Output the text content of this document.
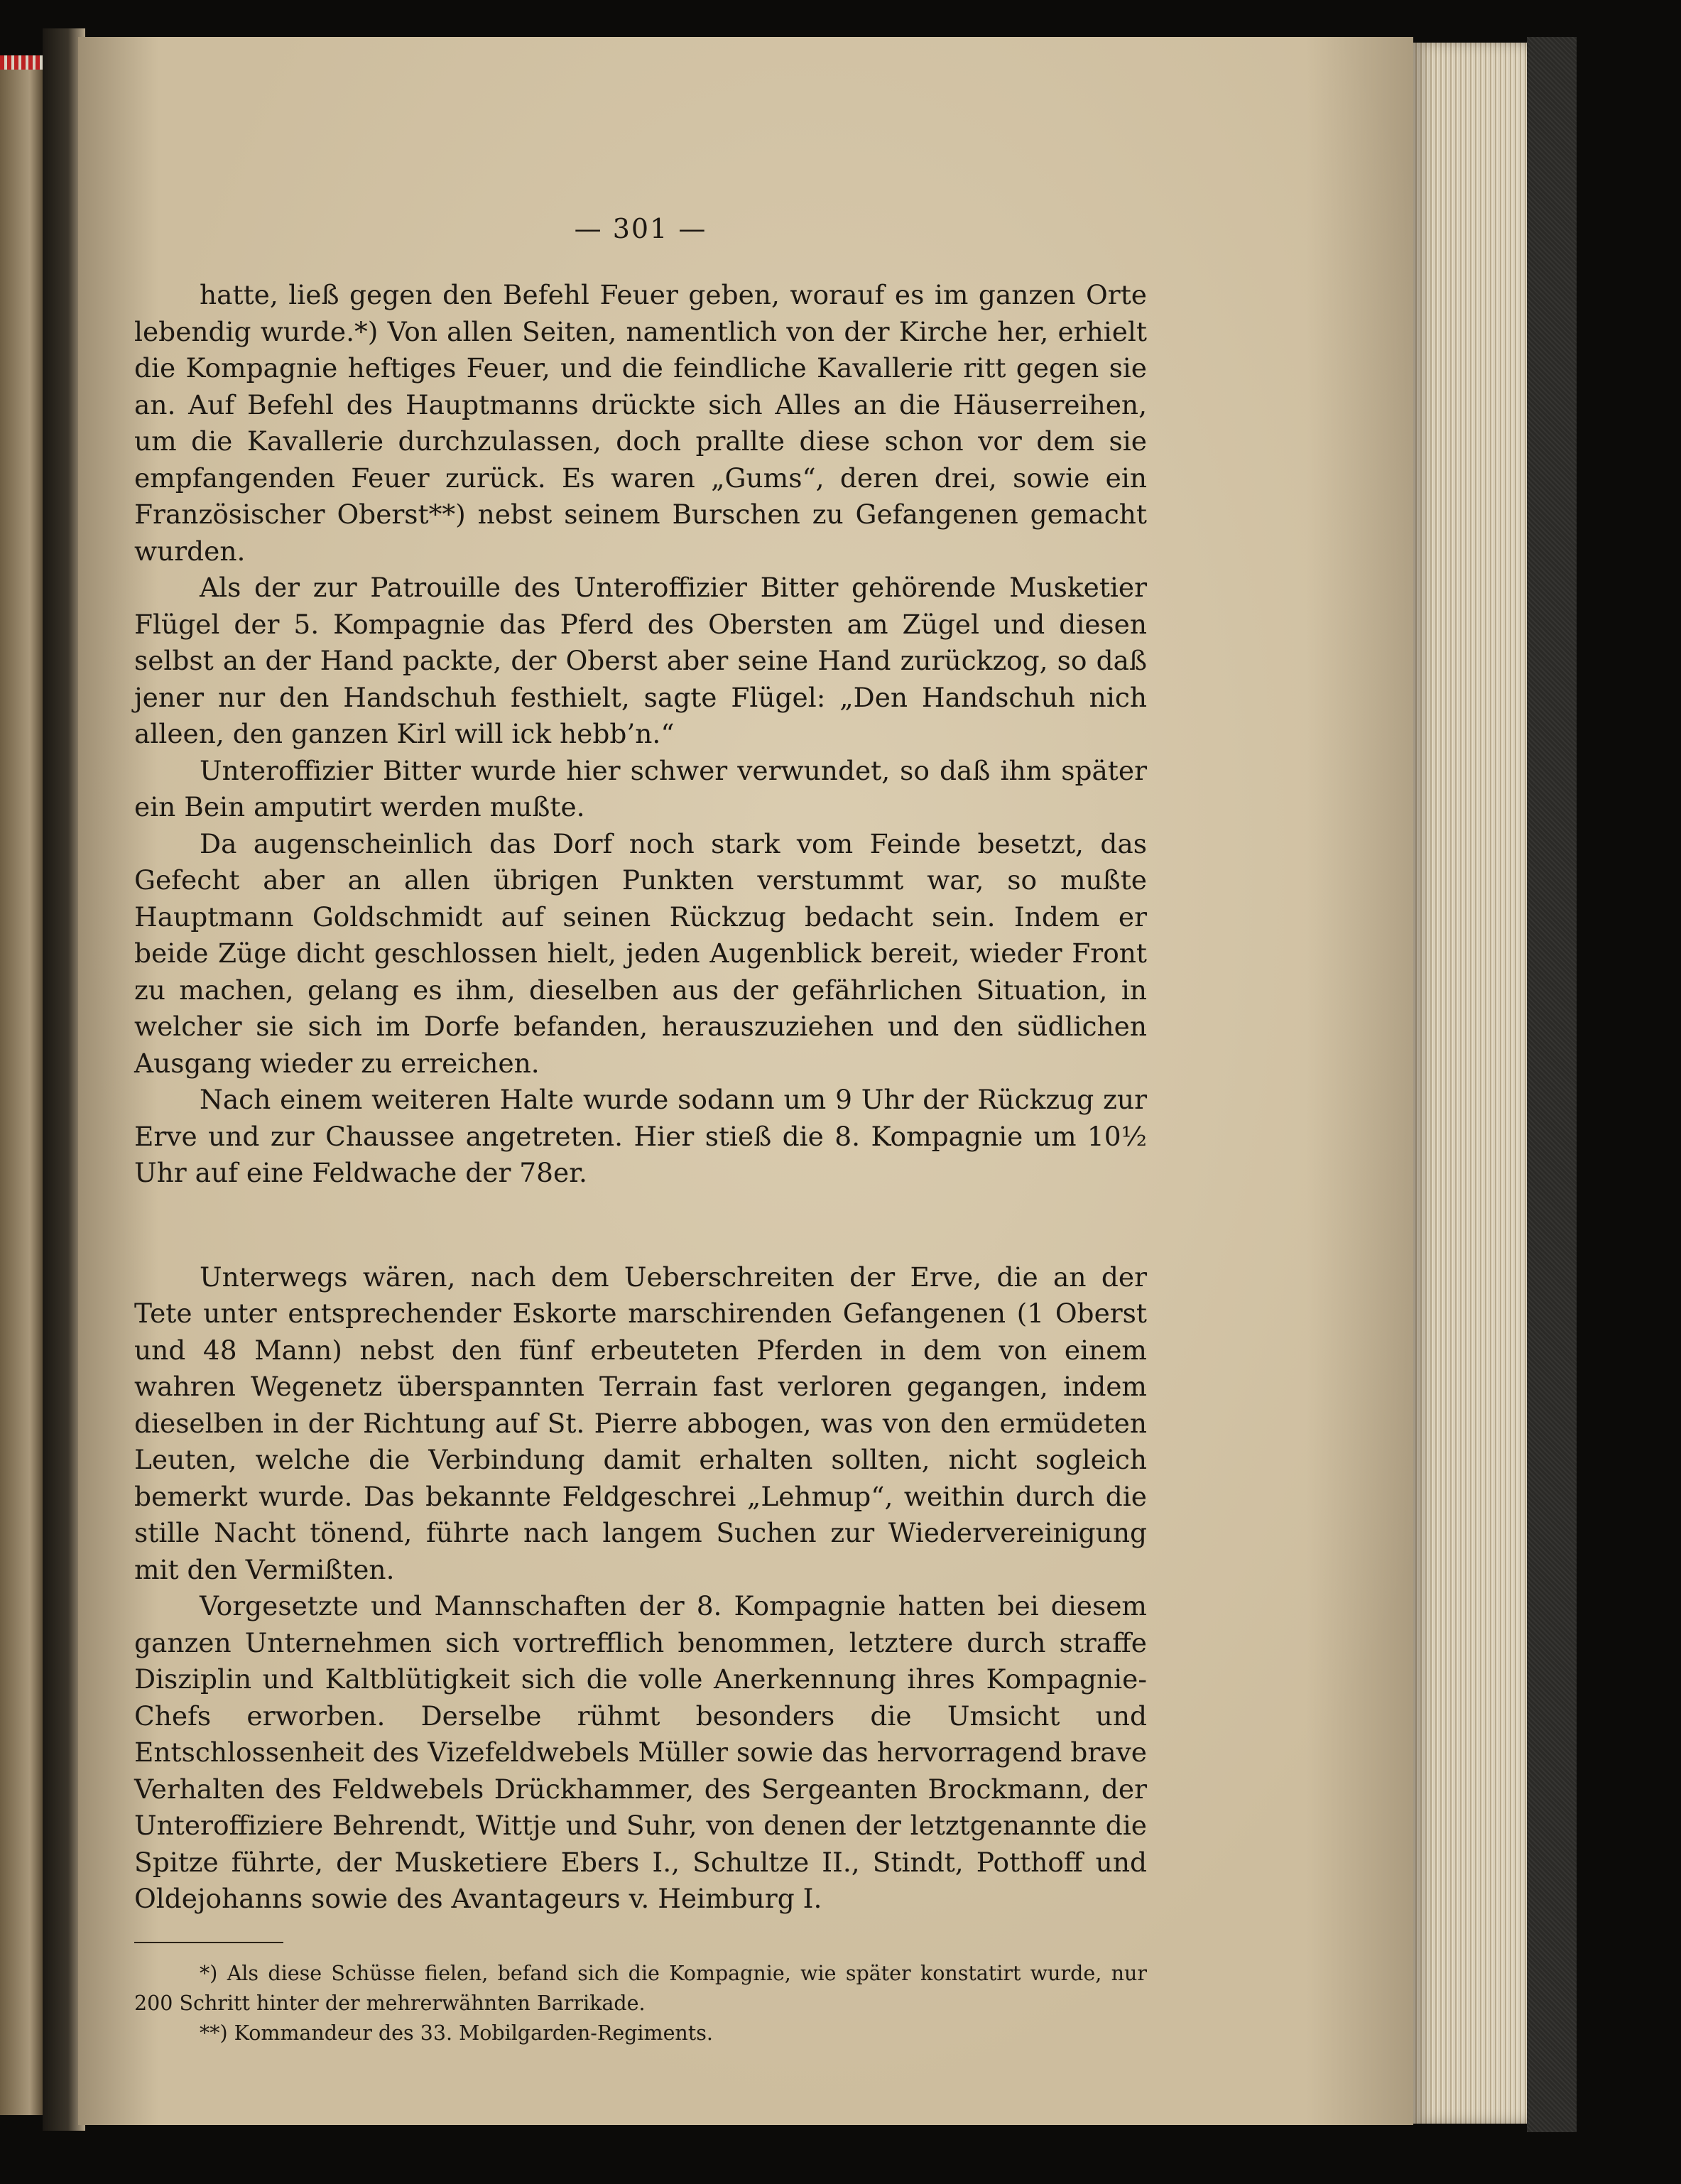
— 301 —

hatte, ließ gegen den Befehl Feuer geben, worauf es im ganzen Orte lebendig wurde.*) Von allen Seiten, namentlich von der Kirche her, erhielt die Kompagnie heftiges Feuer, und die feindliche Kavallerie ritt gegen sie an. Auf Befehl des Hauptmanns drückte sich Alles an die Häuserreihen, um die Kavallerie durchzulassen, doch prallte diese schon vor dem sie empfangenden Feuer zurück. Es waren „Gums“, deren drei, sowie ein Französischer Oberst**) nebst seinem Burschen zu Gefangenen gemacht wurden.

Als der zur Patrouille des Unteroffizier Bitter gehörende Musketier Flügel der 5. Kompagnie das Pferd des Obersten am Zügel und diesen selbst an der Hand packte, der Oberst aber seine Hand zurückzog, so daß jener nur den Handschuh festhielt, sagte Flügel: „Den Handschuh nich alleen, den ganzen Kirl will ick hebb’n.“

Unteroffizier Bitter wurde hier schwer verwundet, so daß ihm später ein Bein amputirt werden mußte.

Da augenscheinlich das Dorf noch stark vom Feinde besetzt, das Gefecht aber an allen übrigen Punkten verstummt war, so mußte Hauptmann Goldschmidt auf seinen Rückzug bedacht sein. Indem er beide Züge dicht geschlossen hielt, jeden Augenblick bereit, wieder Front zu machen, gelang es ihm, dieselben aus der gefährlichen Situation, in welcher sie sich im Dorfe befanden, herauszuziehen und den südlichen Ausgang wieder zu erreichen.

Nach einem weiteren Halte wurde sodann um 9 Uhr der Rückzug zur Erve und zur Chaussee angetreten. Hier stieß die 8. Kompagnie um 10½ Uhr auf eine Feldwache der 78er.

Unterwegs wären, nach dem Ueberschreiten der Erve, die an der Tete unter entsprechender Eskorte marschirenden Gefangenen (1 Oberst und 48 Mann) nebst den fünf erbeuteten Pferden in dem von einem wahren Wegenetz überspannten Terrain fast verloren gegangen, indem dieselben in der Richtung auf St. Pierre abbogen, was von den ermüdeten Leuten, welche die Verbindung damit erhalten sollten, nicht sogleich bemerkt wurde. Das bekannte Feldgeschrei „Lehmup“, weithin durch die stille Nacht tönend, führte nach langem Suchen zur Wiedervereinigung mit den Vermißten.

Vorgesetzte und Mannschaften der 8. Kompagnie hatten bei diesem ganzen Unternehmen sich vortrefflich benommen, letztere durch straffe Disziplin und Kaltblütigkeit sich die volle Anerkennung ihres Kompagnie-Chefs erworben. Derselbe rühmt besonders die Umsicht und Entschlossenheit des Vizefeldwebels Müller sowie das hervorragend brave Verhalten des Feldwebels Drückhammer, des Sergeanten Brockmann, der Unteroffiziere Behrendt, Wittje und Suhr, von denen der letztgenannte die Spitze führte, der Musketiere Ebers I., Schultze II., Stindt, Potthoff und Oldejohanns sowie des Avantageurs v. Heimburg I.

*) Als diese Schüsse fielen, befand sich die Kompagnie, wie später konstatirt wurde, nur 200 Schritt hinter der mehrerwähnten Barrikade.

**) Kommandeur des 33. Mobilgarden-Regiments.
